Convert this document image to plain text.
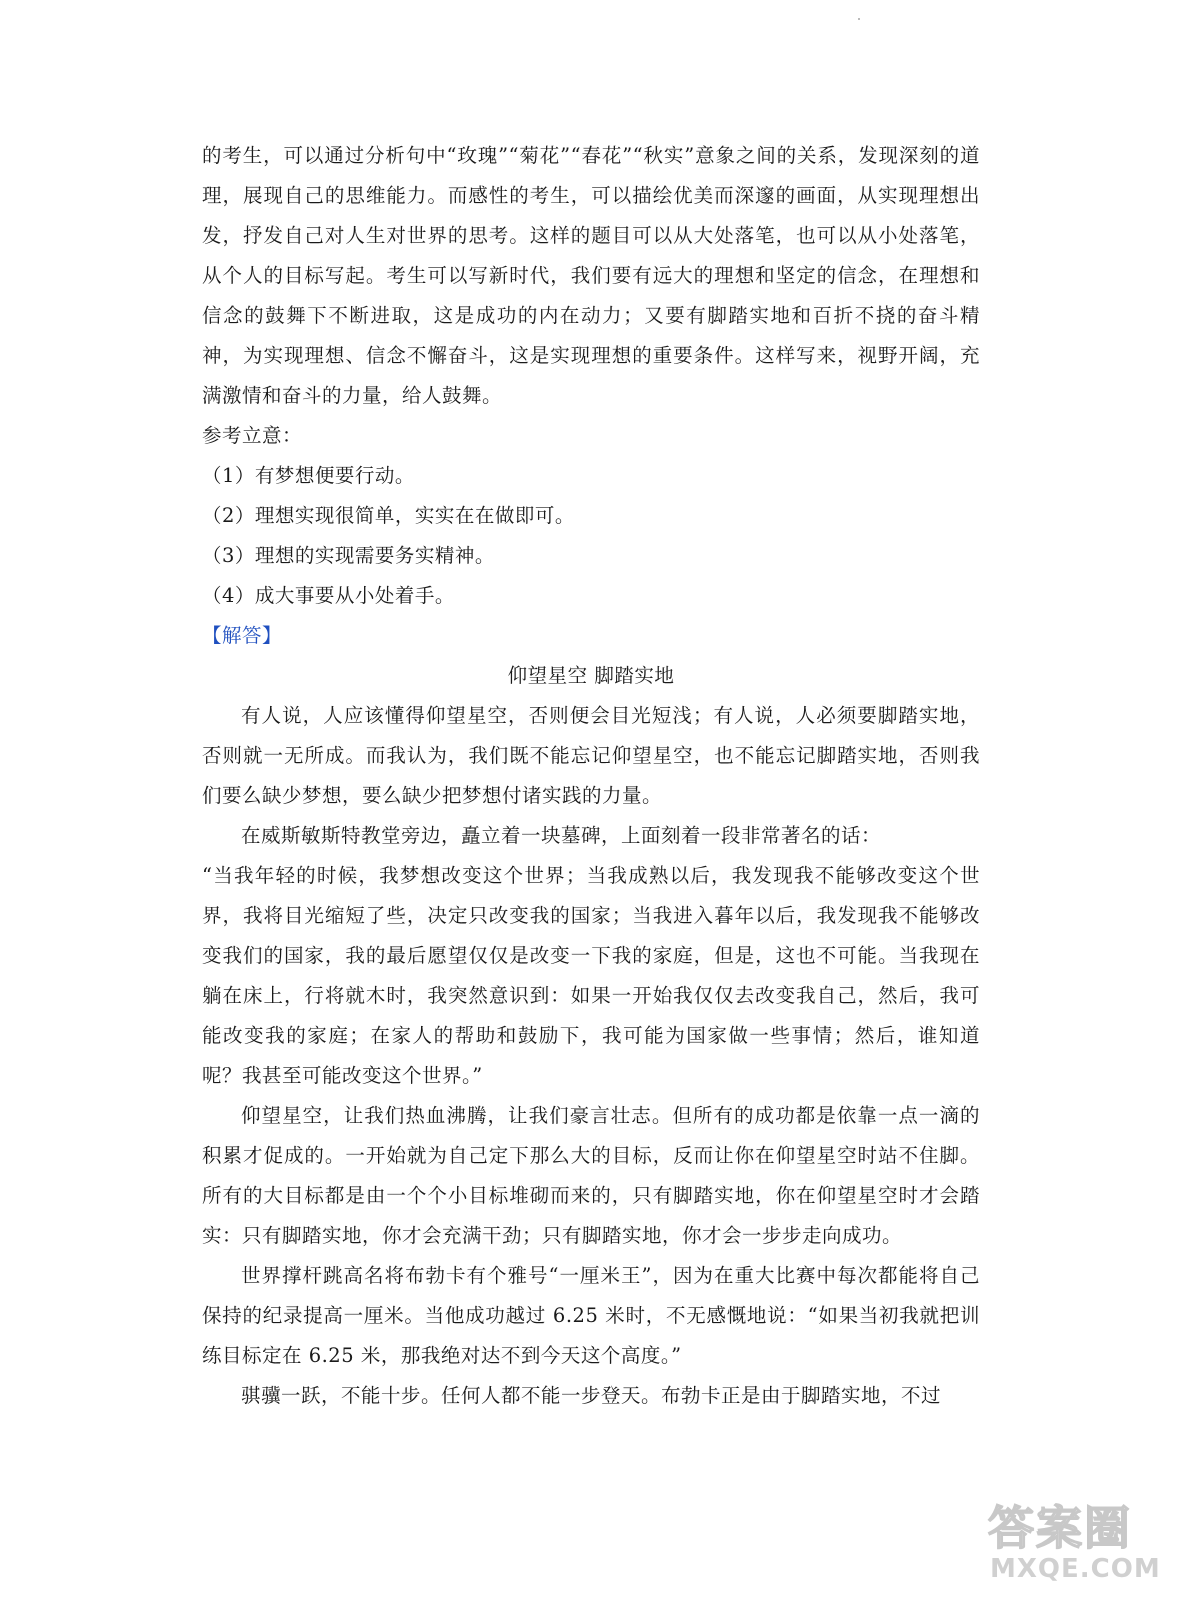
的考生，可以通过分析句中“玫瑰”“菊花”“春花”“秋实”意象之间的关系，发现深刻的道理，展现自己的思维能力。而感性的考生，可以描绘优美而深邃的画面，从实现理想出发，抒发自己对人生对世界的思考。这样的题目可以从大处落笔，也可以从小处落笔，从个人的目标写起。考生可以写新时代，我们要有远大的理想和坚定的信念，在理想和信念的鼓舞下不断进取，这是成功的内在动力；又要有脚踏实地和百折不挠的奋斗精神，为实现理想、信念不懈奋斗，这是实现理想的重要条件。这样写来，视野开阔，充满激情和奋斗的力量，给人鼓舞。

参考立意：

（1）有梦想便要行动。

（2）理想实现很简单，实实在在做即可。

（3）理想的实现需要务实精神。

（4）成大事要从小处着手。

【解答】

仰望星空 脚踏实地

有人说，人应该懂得仰望星空，否则便会目光短浅；有人说，人必须要脚踏实地，否则就一无所成。而我认为，我们既不能忘记仰望星空，也不能忘记脚踏实地，否则我们要么缺少梦想，要么缺少把梦想付诸实践的力量。

在威斯敏斯特教堂旁边，矗立着一块墓碑，上面刻着一段非常著名的话：

“当我年轻的时候，我梦想改变这个世界；当我成熟以后，我发现我不能够改变这个世界，我将目光缩短了些，决定只改变我的国家；当我进入暮年以后，我发现我不能够改变我们的国家，我的最后愿望仅仅是改变一下我的家庭，但是，这也不可能。当我现在躺在床上，行将就木时，我突然意识到：如果一开始我仅仅去改变我自己，然后，我可能改变我的家庭；在家人的帮助和鼓励下，我可能为国家做一些事情；然后，谁知道呢？我甚至可能改变这个世界。”

仰望星空，让我们热血沸腾，让我们豪言壮志。但所有的成功都是依靠一点一滴的积累才促成的。一开始就为自己定下那么大的目标，反而让你在仰望星空时站不住脚。所有的大目标都是由一个个小目标堆砌而来的，只有脚踏实地，你在仰望星空时才会踏实：只有脚踏实地，你才会充满干劲；只有脚踏实地，你才会一步步走向成功。

世界撑杆跳高名将布勃卡有个雅号“一厘米王”，因为在重大比赛中每次都能将自己保持的纪录提高一厘米。当他成功越过 6.25 米时，不无感慨地说：“如果当初我就把训练目标定在 6.25 米，那我绝对达不到今天这个高度。”

骐骥一跃，不能十步。任何人都不能一步登天。布勃卡正是由于脚踏实地，不过

答案圈
MXQE.COM
